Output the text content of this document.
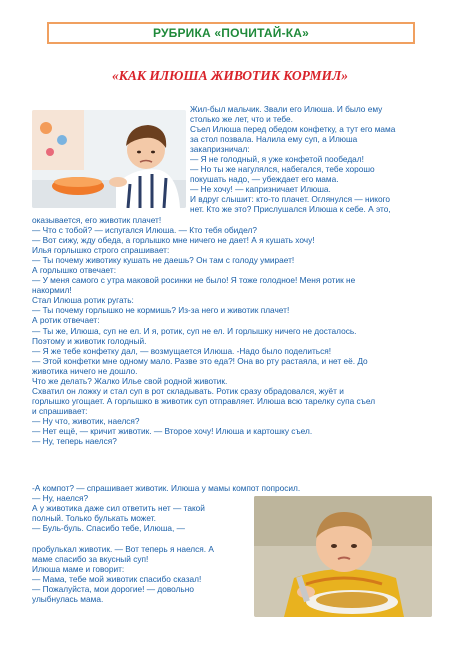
РУБРИКА «ПОЧИТАЙ-КА»
«КАК ИЛЮША ЖИВОТИК КОРМИЛ»
Жил-был мальчик. Звали его Илюша. И было ему
столько же лет, что и тебе.
Съел Илюша перед обедом конфетку, а тут его мама
за стол позвала. Налила ему суп, а Илюша
закапризничал:
— Я не голодный, я уже конфетой пообедал!
— Но ты же нагулялся, набегался, тебе хорошо
покушать надо, — убеждает его мама.
— Не хочу! — капризничает Илюша.
И вдруг слышит: кто-то плачет. Оглянулся — никого
нет. Кто же это? Прислушался Илюша к себе. А это,
оказывается, его животик плачет!
— Что с тобой? — испугался Илюша. — Кто тебя обидел?
— Вот сижу, жду обеда, а горлышко мне ничего не дает! А я кушать хочу!
Илья горлышко строго спрашивает:
— Ты почему животику кушать не даешь? Он там с голоду умирает!
А горлышко отвечает:
— У меня самого с утра маковой росинки не было! Я тоже голодное! Меня ротик не
накормил!
Стал Илюша ротик ругать:
— Ты почему горлышко не кормишь? Из-за него и животик плачет!
А ротик отвечает:
— Ты же, Илюша, суп не ел. И я, ротик, суп не ел. И горлышку ничего не досталось.
Поэтому и животик голодный.
— Я же тебе конфетку дал, — возмущается Илюша. -Надо было поделиться!
— Этой конфетки мне одному мало. Разве это еда?! Она во рту растаяла, и нет её. До
животика ничего не дошло.
Что же делать? Жалко Илье свой родной животик.
Схватил он ложку и стал суп в рот складывать. Ротик сразу обрадовался, жуёт и
горлышко угощает. А горлышко в животик суп отправляет. Илюша всю тарелку супа съел
и спрашивает:
— Ну что, животик, наелся?
— Нет ещё, — кричит животик. — Второе хочу! Илюша и картошку съел.
— Ну, теперь наелся?
-А компот? — спрашивает животик. Илюша у мамы компот попросил.
— Ну, наелся?
А у животика даже сил ответить нет — такой
полный. Только булькать может.
— Буль-буль. Спасибо тебе, Илюша, —
пробулькал животик. — Вот теперь я наелся. А
маме спасибо за вкусный суп!
Илюша маме и говорит:
— Мама, тебе мой животик спасибо сказал!
— Пожалуйста, мои дорогие! — довольно
улыбнулась мама.
